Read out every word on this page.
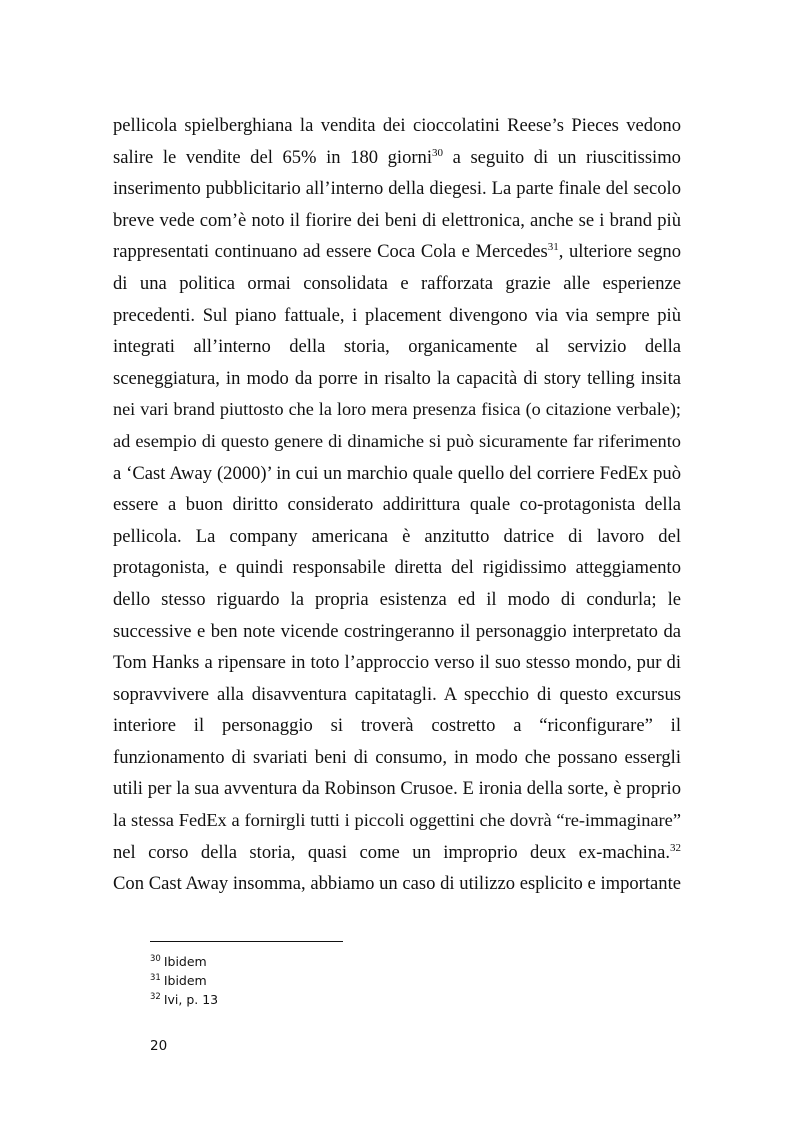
pellicola spielberghiana la vendita dei cioccolatini Reese’s Pieces vedono
salire le vendite del 65% in 180 giorni$^{30}$ a seguito di un riuscitissimo
inserimento pubblicitario all’interno della diegesi. La parte finale del secolo
breve vede com’è noto il fiorire dei beni di elettronica, anche se i brand più
rappresentati continuano ad essere Coca Cola e Mercedes$^{31}$, ulteriore segno
di una politica ormai consolidata e rafforzata grazie alle esperienze
precedenti. Sul piano fattuale, i placement divengono via via sempre più
integrati all’interno della storia, organicamente al servizio della
sceneggiatura, in modo da porre in risalto la capacità di story telling insita
nei vari brand piuttosto che la loro mera presenza fisica (o citazione verbale);
ad esempio di questo genere di dinamiche si può sicuramente far riferimento
a ‘Cast Away (2000)’ in cui un marchio quale quello del corriere FedEx può
essere a buon diritto considerato addirittura quale co-protagonista della
pellicola. La company americana è anzitutto datrice di lavoro del
protagonista, e quindi responsabile diretta del rigidissimo atteggiamento
dello stesso riguardo la propria esistenza ed il modo di condurla; le
successive e ben note vicende costringeranno il personaggio interpretato da
Tom Hanks a ripensare in toto l’approccio verso il suo stesso mondo, pur di
sopravvivere alla disavventura capitatagli. A specchio di questo excursus
interiore il personaggio si troverà costretto a “riconfigurare” il
funzionamento di svariati beni di consumo, in modo che possano essergli
utili per la sua avventura da Robinson Crusoe. E ironia della sorte, è proprio
la stessa FedEx a fornirgli tutti i piccoli oggettini che dovrà “re-immaginare”
nel corso della storia, quasi come un improprio deux ex-machina.$^{32}$
Con Cast Away insomma, abbiamo un caso di utilizzo esplicito e importante
$^{30}$ Ibidem
$^{31}$ Ibidem
$^{32}$ Ivi, p. 13
20
